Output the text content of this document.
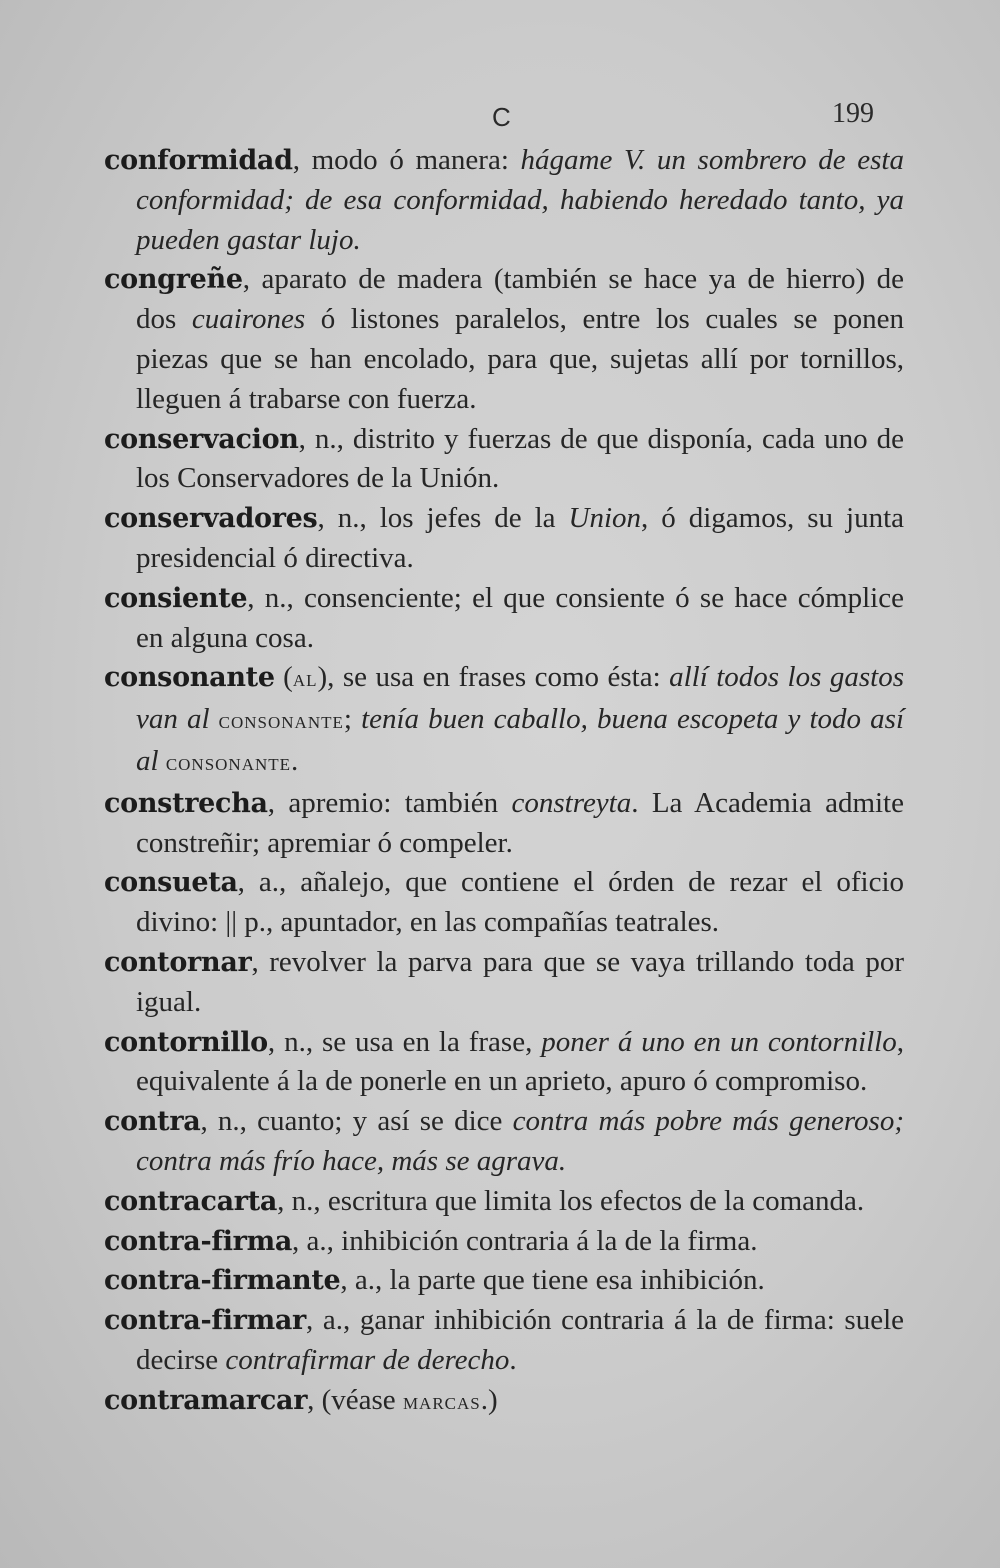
C	199

conformidad, modo ó manera: hágame V. un sombrero de esta conformidad; de esa conformidad, habiendo heredado tanto, ya pueden gastar lujo.

congreñe, aparato de madera (también se hace ya de hierro) de dos cuairones ó listones paralelos, entre los cuales se ponen piezas que se han encolado, para que, sujetas allí por tornillos, lleguen á trabarse con fuerza.

conservacion, n., distrito y fuerzas de que disponía, cada uno de los Conservadores de la Unión.

conservadores, n., los jefes de la Union, ó digamos, su junta presidencial ó directiva.

consiente, n., consenciente; el que consiente ó se hace cómplice en alguna cosa.

consonante (al), se usa en frases como ésta: allí todos los gastos van al consonante; tenía buen caballo, buena escopeta y todo así al consonante.

constrecha, apremio: también constreyta. La Academia admite constreñir; apremiar ó compeler.

consueta, a., añalejo, que contiene el órden de rezar el oficio divino: || p., apuntador, en las compañías teatrales.

contornar, revolver la parva para que se vaya trillando toda por igual.

contornillo, n., se usa en la frase, poner á uno en un contornillo, equivalente á la de ponerle en un aprieto, apuro ó compromiso.

contra, n., cuanto; y así se dice contra más pobre más generoso; contra más frío hace, más se agrava.

contracarta, n., escritura que limita los efectos de la comanda.

contra-firma, a., inhibición contraria á la de la firma.

contra-firmante, a., la parte que tiene esa inhibición.

contra-firmar, a., ganar inhibición contraria á la de firma: suele decirse contrafirmar de derecho.

contramarcar, (véase marcas.)
